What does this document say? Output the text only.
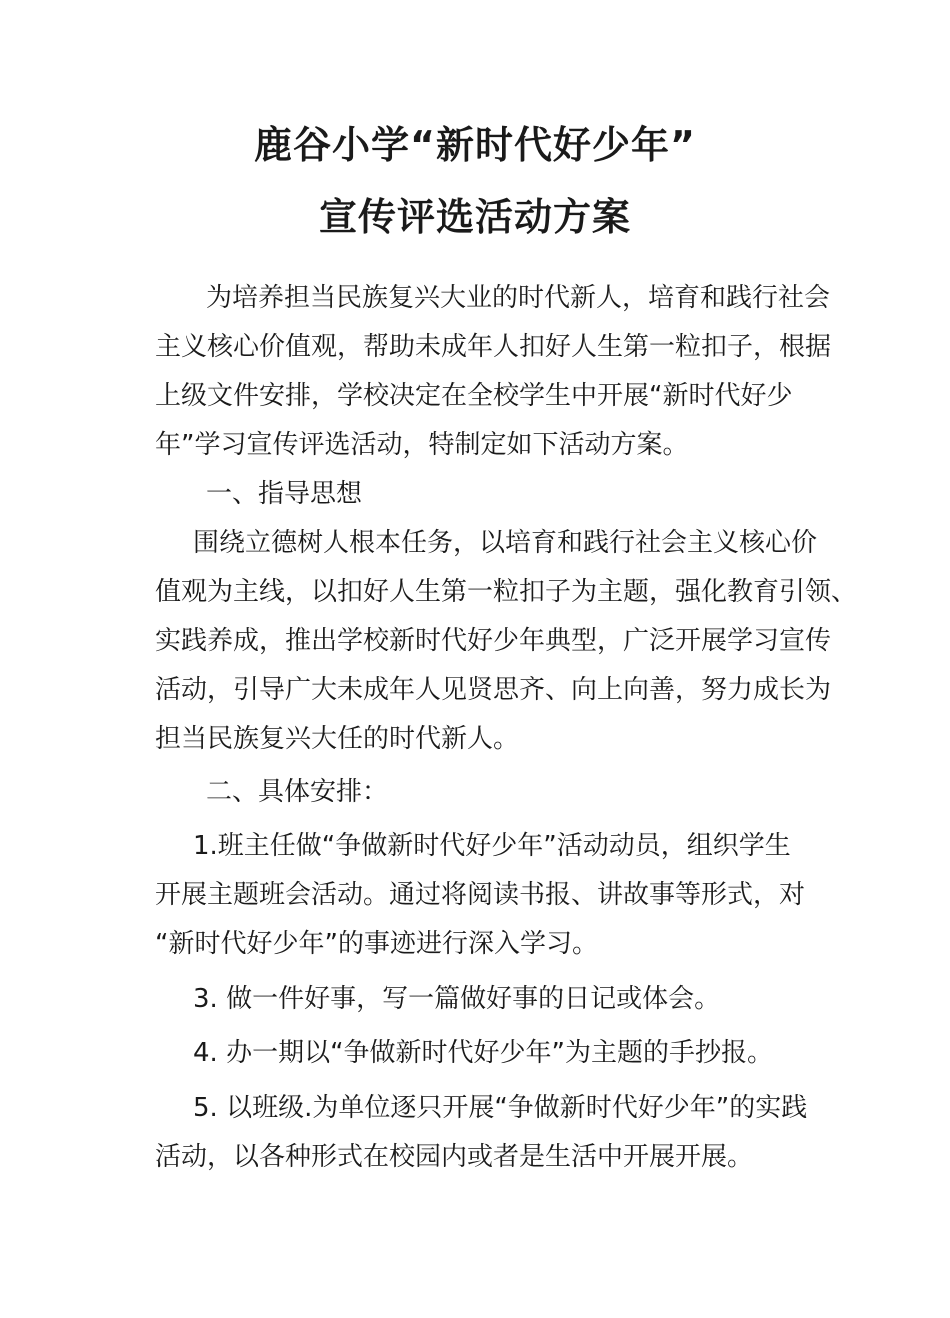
鹿谷小学“新时代好少年”
宣传评选活动方案
为培养担当民族复兴大业的时代新人，培育和践行社会
主义核心价值观，帮助未成年人扣好人生第一粒扣子，根据
上级文件安排，学校决定在全校学生中开展“新时代好少
年”学习宣传评选活动，特制定如下活动方案。
一、指导思想
围绕立德树人根本任务，以培育和践行社会主义核心价
值观为主线，以扣好人生第一粒扣子为主题，强化教育引领、
实践养成，推出学校新时代好少年典型，广泛开展学习宣传
活动，引导广大未成年人见贤思齐、向上向善，努力成长为
担当民族复兴大任的时代新人。
二、具体安排：
1.班主任做“争做新时代好少年”活动动员，组织学生
开展主题班会活动。通过将阅读书报、讲故事等形式，对
“新时代好少年”的事迹进行深入学习。
3. 做一件好事，写一篇做好事的日记或体会。
4. 办一期以“争做新时代好少年”为主题的手抄报。
5. 以班级.为单位逐只开展“争做新时代好少年”的实践
活动，以各种形式在校园内或者是生活中开展开展。
